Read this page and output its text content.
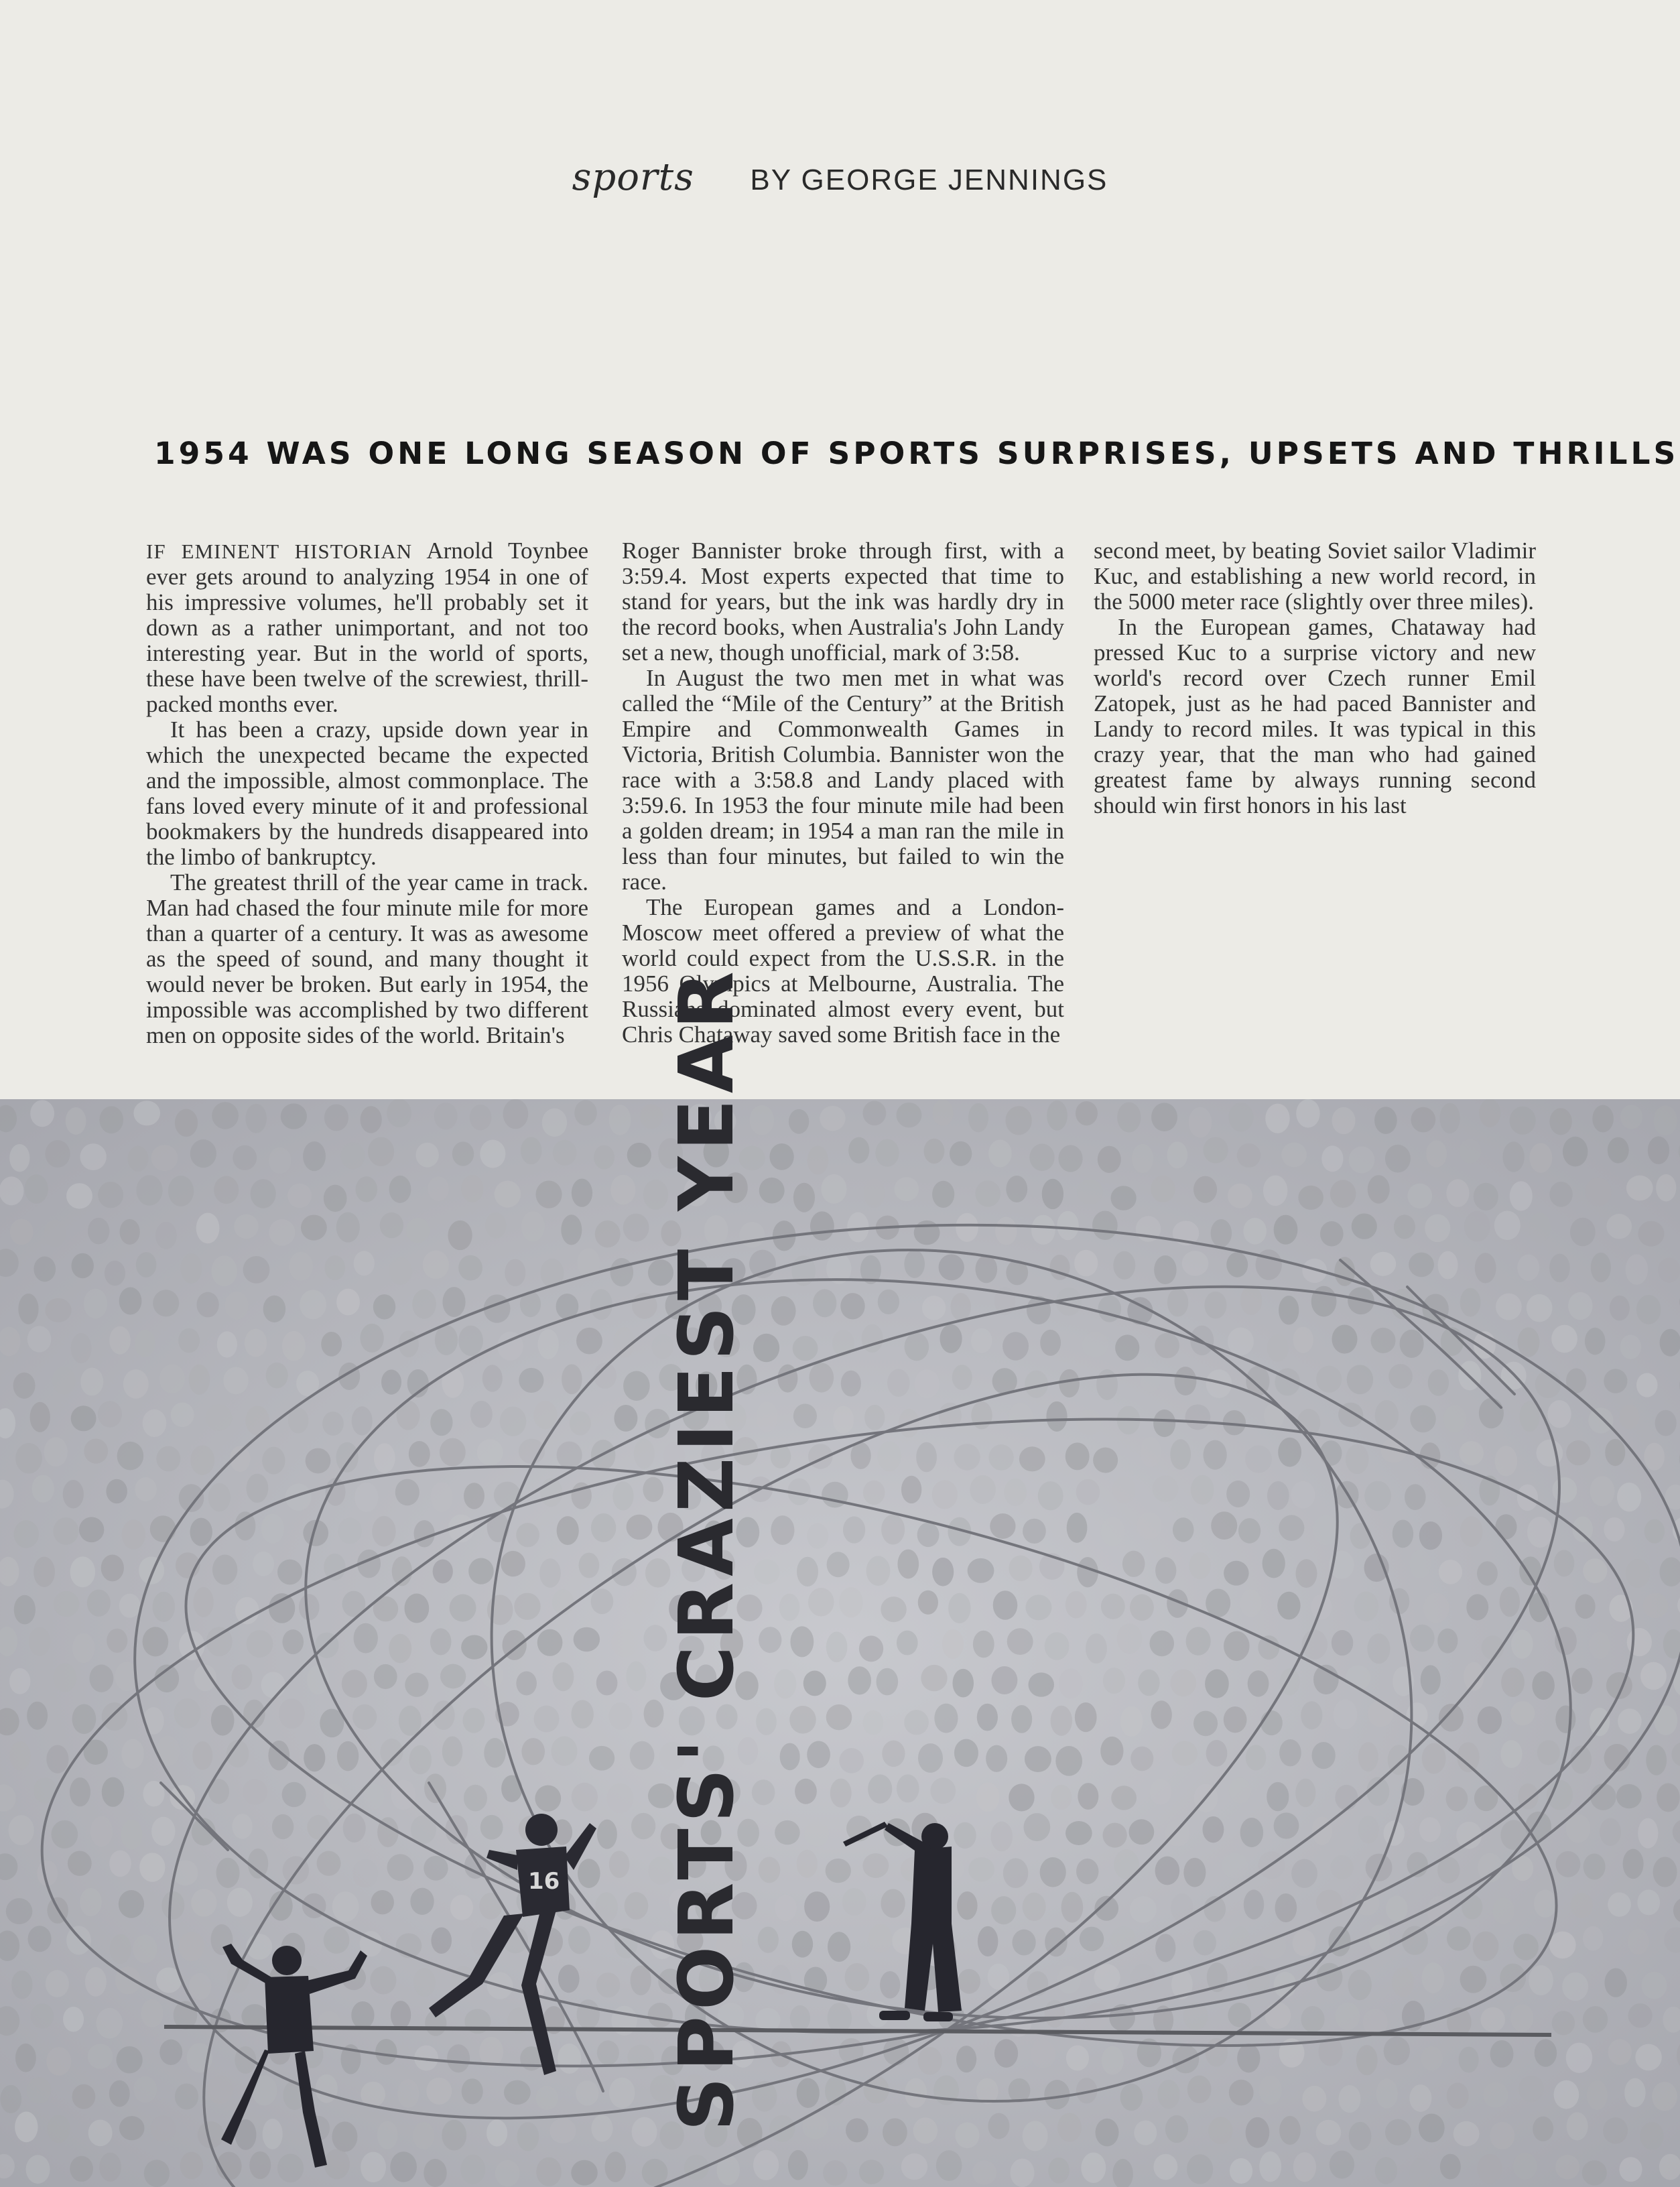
sports BY GEORGE JENNINGS
1954 WAS ONE LONG SEASON OF SPORTS SURPRISES, UPSETS AND THRILLS

IF EMINENT HISTORIAN Arnold Toynbee ever gets around to analyzing 1954 in one of his impressive volumes, he'll probably set it down as a rather unimportant, and not too interesting year. But in the world of sports, these have been twelve of the screwiest, thrill-packed months ever.

It has been a crazy, upside down year in which the unexpected became the expected and the impossible, almost commonplace. The fans loved every minute of it and professional bookmakers by the hundreds disappeared into the limbo of bankruptcy.

The greatest thrill of the year came in track. Man had chased the four minute mile for more than a quarter of a century. It was as awesome as the speed of sound, and many thought it would never be broken. But early in 1954, the impossible was accomplished by two different men on opposite sides of the world. Britain's

Roger Bannister broke through first, with a 3:59.4. Most experts expected that time to stand for years, but the ink was hardly dry in the record books, when Australia's John Landy set a new, though unofficial, mark of 3:58.

In August the two men met in what was called the “Mile of the Century” at the British Empire and Commonwealth Games in Victoria, British Columbia. Bannister won the race with a 3:58.8 and Landy placed with 3:59.6. In 1953 the four minute mile had been a golden dream; in 1954 a man ran the mile in less than four minutes, but failed to win the race.

The European games and a London-Moscow meet offered a preview of what the world could expect from the U.S.S.R. in the 1956 Olympics at Melbourne, Australia. The Russians dominated almost every event, but Chris Chataway saved some British face in the

second meet, by beating Soviet sailor Vladimir Kuc, and establishing a new world record, in the 5000 meter race (slightly over three miles).

In the European games, Chataway had pressed Kuc to a surprise victory and new world's record over Czech runner Emil Zatopek, just as he had paced Bannister and Landy to record miles. It was typical in this crazy year, that the man who had gained greatest fame by always running second should win first honors in his last

16 SPORTS' CRAZIEST YEAR
